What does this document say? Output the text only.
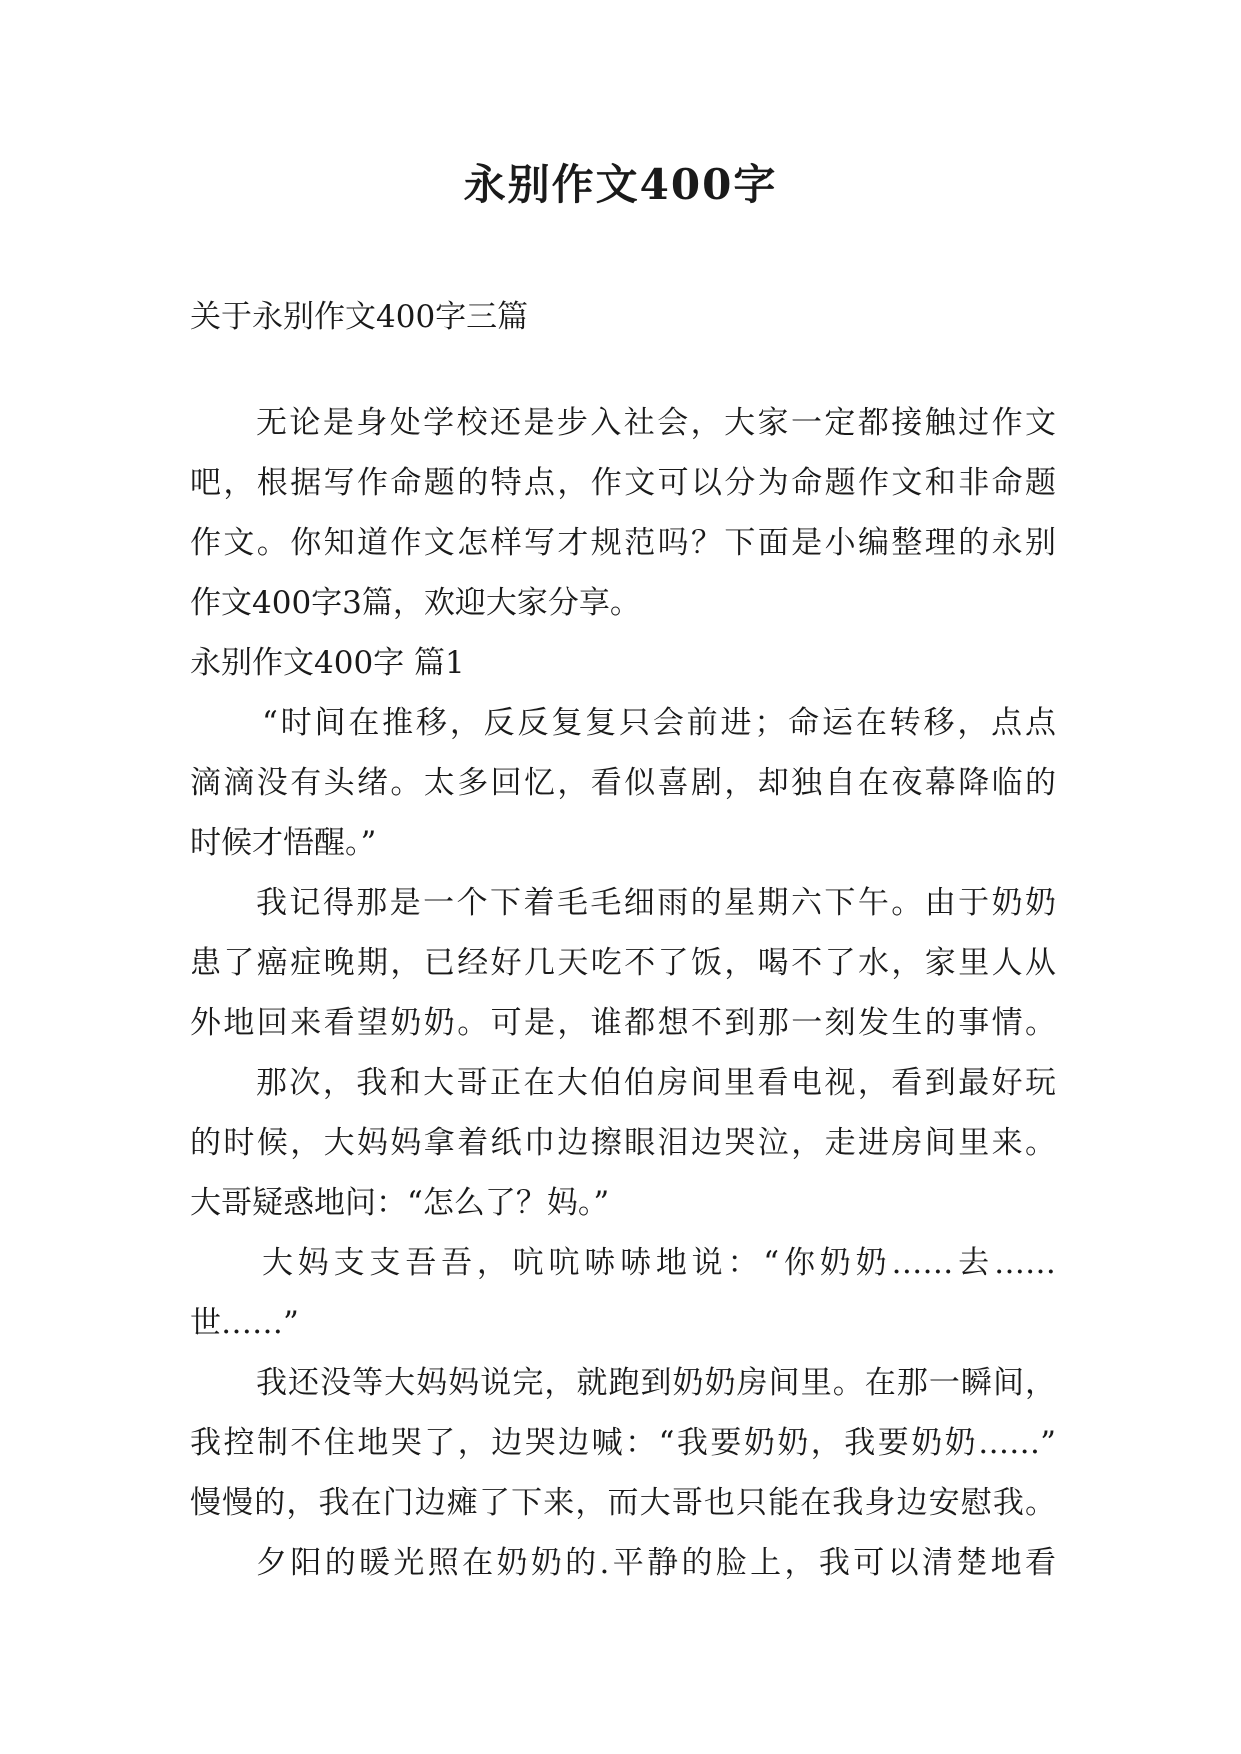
永别作文400字
关于永别作文400字三篇
无论是身处学校还是步入社会，大家一定都接触过作文
吧，根据写作命题的特点，作文可以分为命题作文和非命题
作文。你知道作文怎样写才规范吗？下面是小编整理的永别
作文400字3篇，欢迎大家分享。
永别作文400字 篇1
“时间在推移，反反复复只会前进；命运在转移，点点
滴滴没有头绪。太多回忆，看似喜剧，却独自在夜幕降临的
时候才悟醒。”
我记得那是一个下着毛毛细雨的星期六下午。由于奶奶
患了癌症晚期，已经好几天吃不了饭，喝不了水，家里人从
外地回来看望奶奶。可是，谁都想不到那一刻发生的事情。
那次，我和大哥正在大伯伯房间里看电视，看到最好玩
的时候，大妈妈拿着纸巾边擦眼泪边哭泣，走进房间里来。
大哥疑惑地问：“怎么了？妈。”
大妈支支吾吾，吭吭哧哧地说：“你奶奶……去……
世……”
我还没等大妈妈说完，就跑到奶奶房间里。在那一瞬间，
我控制不住地哭了，边哭边喊：“我要奶奶，我要奶奶……”
慢慢的，我在门边瘫了下来，而大哥也只能在我身边安慰我。
夕阳的暖光照在奶奶的.平静的脸上，我可以清楚地看
